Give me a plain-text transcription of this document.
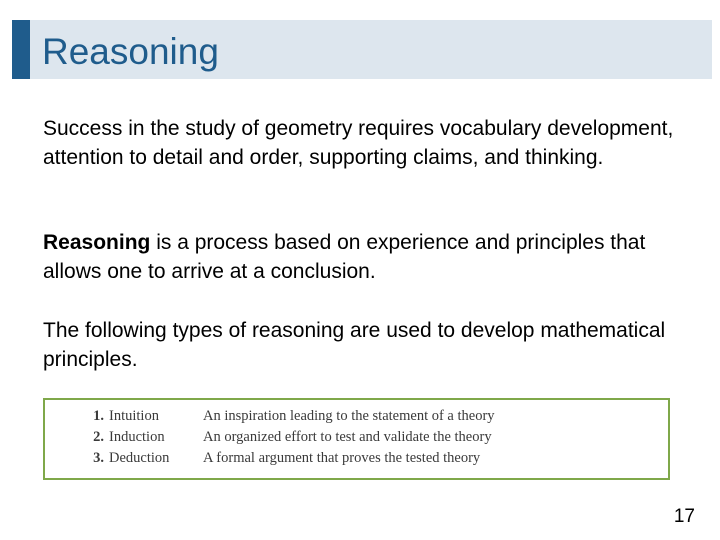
Reasoning
Success in the study of geometry requires vocabulary development, attention to detail and order, supporting claims, and thinking.
Reasoning is a process based on experience and principles that allows one to arrive at a conclusion.
The following types of reasoning are used to develop mathematical principles.
1. Intuition	An inspiration leading to the statement of a theory
2. Induction	An organized effort to test and validate the theory
3. Deduction A formal argument that proves the tested theory
17
